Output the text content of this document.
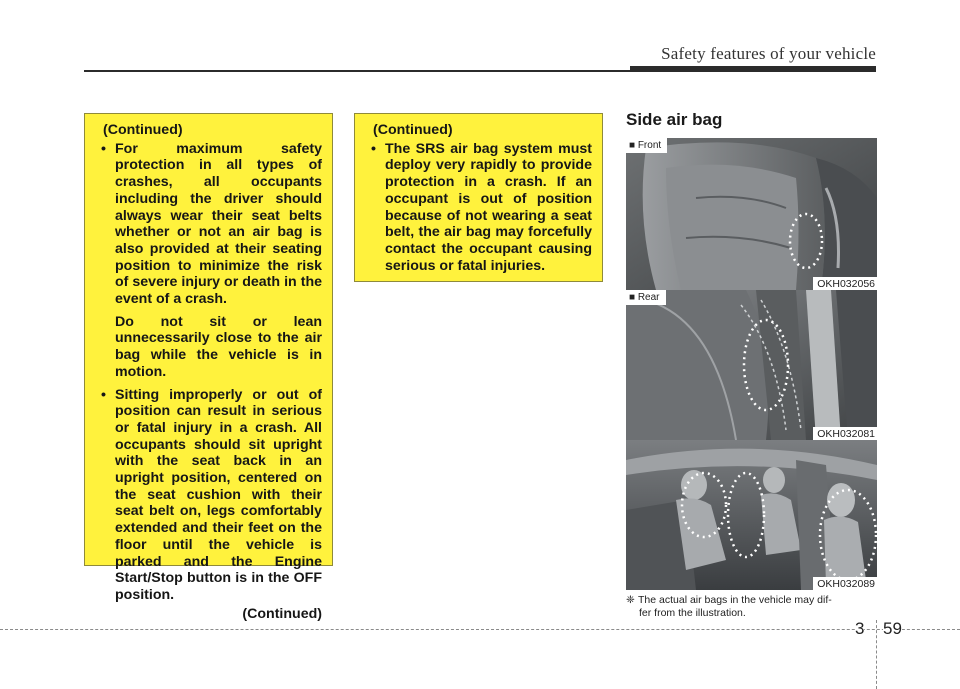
Safety features of your vehicle
(Continued)
• For maximum safety protection in all types of crashes, all occupants including the driver should always wear their seat belts whether or not an air bag is also provided at their seating position to minimize the risk of severe injury or death in the event of a crash.
Do not sit or lean unnecessarily close to the air bag while the vehicle is in motion.
• Sitting improperly or out of position can result in serious or fatal injury in a crash. All occupants should sit upright with the seat back in an upright position, centered on the seat cushion with their seat belt on, legs comfortably extended and their feet on the floor until the vehicle is parked and the Engine Start/Stop button is in the OFF position.
(Continued)
(Continued)
• The SRS air bag system must deploy very rapidly to provide protection in a crash. If an occupant is out of position because of not wearing a seat belt, the air bag may forcefully contact the occupant causing serious or fatal injuries.
Side air bag
■ Front
OKH032056
■ Rear
OKH032081
OKH032089
❈ The actual air bags in the vehicle may dif-
fer from the illustration.
3 59
